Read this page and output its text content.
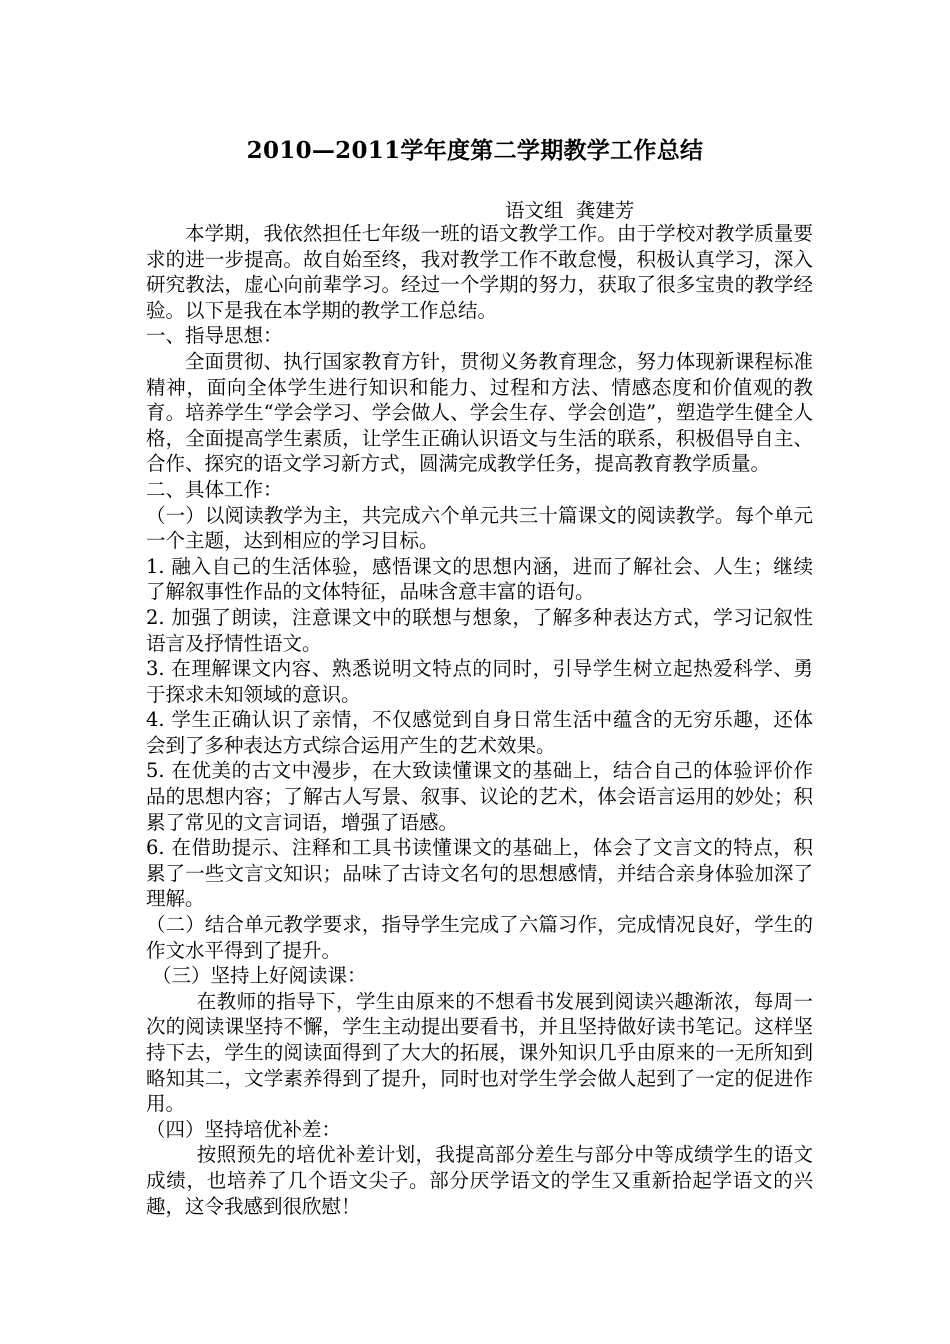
2010—2011学年度第二学期教学工作总结
语文组  龚建芳

本学期，我依然担任七年级一班的语文教学工作。由于学校对教学质量要求的进一步提高。故自始至终，我对教学工作不敢怠慢，积极认真学习，深入研究教法，虚心向前辈学习。经过一个学期的努力，获取了很多宝贵的教学经验。以下是我在本学期的教学工作总结。

一、指导思想：

全面贯彻、执行国家教育方针，贯彻义务教育理念，努力体现新课程标准精神，面向全体学生进行知识和能力、过程和方法、情感态度和价值观的教育。培养学生“学会学习、学会做人、学会生存、学会创造”，塑造学生健全人格，全面提高学生素质，让学生正确认识语文与生活的联系，积极倡导自主、合作、探究的语文学习新方式，圆满完成教学任务，提高教育教学质量。

二、具体工作：

（一）以阅读教学为主，共完成六个单元共三十篇课文的阅读教学。每个单元一个主题，达到相应的学习目标。

1. 融入自己的生活体验，感悟课文的思想内涵，进而了解社会、人生；继续了解叙事性作品的文体特征，品味含意丰富的语句。

2. 加强了朗读，注意课文中的联想与想象，了解多种表达方式，学习记叙性语言及抒情性语文。

3. 在理解课文内容、熟悉说明文特点的同时，引导学生树立起热爱科学、勇于探求未知领域的意识。

4. 学生正确认识了亲情，不仅感觉到自身日常生活中蕴含的无穷乐趣，还体会到了多种表达方式综合运用产生的艺术效果。

5. 在优美的古文中漫步，在大致读懂课文的基础上，结合自己的体验评价作品的思想内容；了解古人写景、叙事、议论的艺术，体会语言运用的妙处；积累了常见的文言词语，增强了语感。

6. 在借助提示、注释和工具书读懂课文的基础上，体会了文言文的特点，积累了一些文言文知识；品味了古诗文名句的思想感情，并结合亲身体验加深了理解。

（二）结合单元教学要求，指导学生完成了六篇习作，完成情况良好，学生的作文水平得到了提升。

（三）坚持上好阅读课：

在教师的指导下，学生由原来的不想看书发展到阅读兴趣渐浓，每周一次的阅读课坚持不懈，学生主动提出要看书，并且坚持做好读书笔记。这样坚持下去，学生的阅读面得到了大大的拓展，课外知识几乎由原来的一无所知到略知其二，文学素养得到了提升，同时也对学生学会做人起到了一定的促进作用。

（四）坚持培优补差：

按照预先的培优补差计划，我提高部分差生与部分中等成绩学生的语文成绩，也培养了几个语文尖子。部分厌学语文的学生又重新拾起学语文的兴趣，这令我感到很欣慰！
